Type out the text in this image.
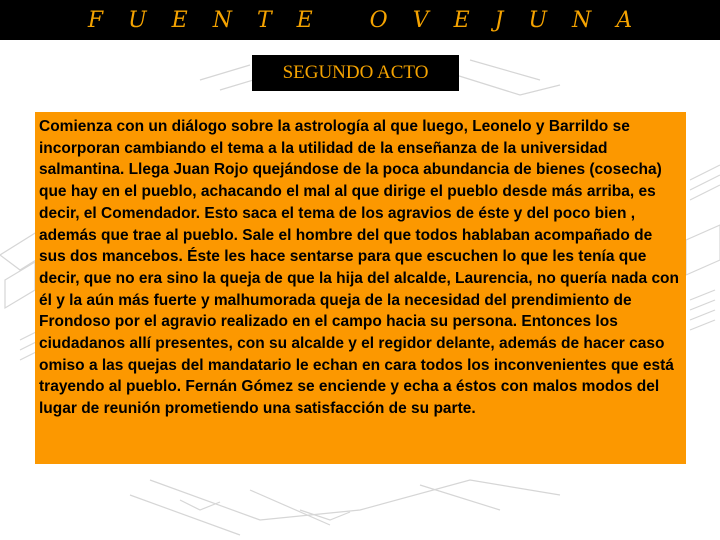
F U E N T E   O V E J U N A
SEGUNDO ACTO

Comienza con un diálogo sobre la astrología al que luego, Leonelo y Barrildo se incorporan cambiando el tema a la utilidad de la enseñanza de la universidad salmantina. Llega Juan Rojo quejándose de la poca abundancia de bienes (cosecha) que hay en el pueblo, achacando el mal al que dirige el pueblo desde más arriba, es decir, el Comendador. Esto saca el tema de los agravios de éste y del poco bien , además que trae al pueblo. Sale el hombre del que todos hablaban acompañado de sus dos mancebos. Éste les hace sentarse para que escuchen lo que les tenía que decir, que no era sino la queja de que la hija del alcalde, Laurencia, no quería nada con él y la aún más fuerte y malhumorada queja de la necesidad del prendimiento de Frondoso por el agravio realizado en el campo hacia su persona. Entonces los ciudadanos allí presentes, con su alcalde y el regidor delante, además de hacer caso omiso a las quejas del mandatario le echan en cara todos los inconvenientes que está trayendo al pueblo. Fernán Gómez se enciende y echa a éstos con malos modos del lugar de reunión prometiendo una satisfacción de su parte.
